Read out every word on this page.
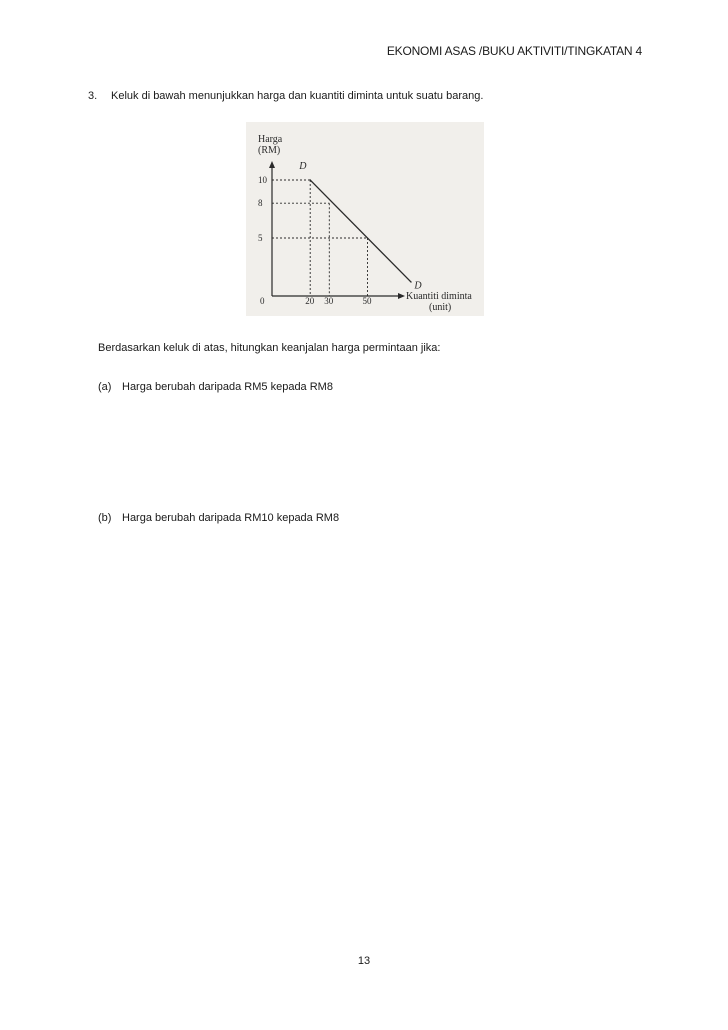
EKONOMI ASAS /BUKU AKTIVITI/TINGKATAN 4
3. Keluk di bawah menunjukkan harga dan kuantiti diminta untuk suatu barang.
Harga
(RM)
Kuantiti diminta
(unit)
10
8
5
0	20 30	50
D
D
Berdasarkan keluk di atas, hitungkan keanjalan harga permintaan jika:
(a) Harga berubah daripada RM5 kepada RM8
(b) Harga berubah daripada RM10 kepada RM8
13
